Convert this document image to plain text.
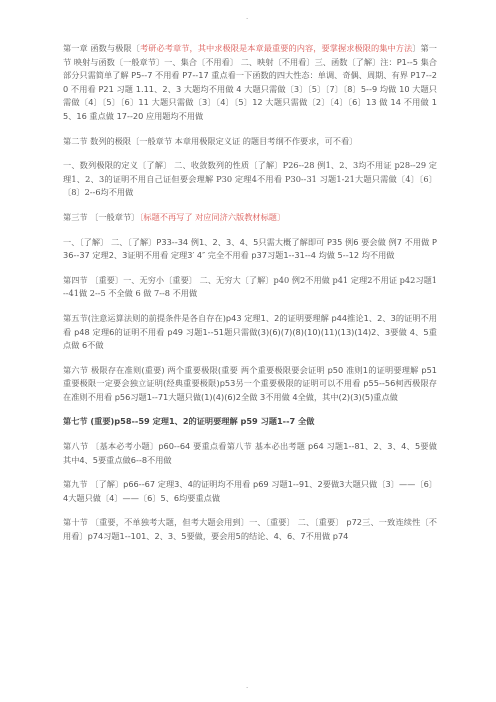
.

第一章 函数与极限〔考研必考章节，其中求极限是本章最重要的内容，要掌握求极限的集中方法〕第一节 映射与函数〔一般章节〕一、集合〔不用看〕 二、映射〔不用看〕三、函数〔了解〕注：P1--5 集合部分只需简单了解 P5--7 不用看 P7--17 重点看一下函数的四大性态：单调、奇偶、周期、有界 P17--20 不用看 P21 习题 1.11、2、3 大题均不用做 4 大题只需做〔3〕〔5〕〔7〕〔8〕5--9 均做 10 大题只需做〔4〕〔5〕〔6〕11 大题只需做〔3〕〔4〕〔5〕12 大题只需做〔2〕〔4〕〔6〕13 做 14 不用做 15、16 重点做 17--20 应用题均不用做

第二节 数列的极限〔一般章节 本章用极限定义证 的题目考纲不作要求，可不看〕

一、数列极限的定义〔了解〕 二、收敛数列的性质〔了解〕P26--28 例1、2、3均不用证 p28--29 定理1、2、3的证明不用自己证但要会理解 P30 定理4不用看 P30--31 习题1-21大题只需做〔4〕〔6〕〔8〕2--6均不用做

第三节 〔一般章节〕〔标题不再写了 对应同济六版教材标题〕

一、〔了解〕 二、〔了解〕P33--34 例1、2、3、4、5只需大概了解即可 P35 例6 要会做 例7 不用做 P36--37 定理2、3证明不用看 定理3′ 4″ 完全不用看 p37习题1--31--4 均做 5--12 均不用做

第四节 〔重要〕一、无穷小〔重要〕 二、无穷大〔了解〕p40 例2不用做 p41 定理2不用证 p42习题1--41做 2--5 不全做 6 做 7--8 不用做

第五节(注意运算法则的前提条件是各自存在)p43 定理1、2的证明要理解 p44推论1、2、3的证明不用看 p48 定理6的证明不用看 p49 习题1--51题只需做(3)(6)(7)(8)(10)(11)(13)(14)2、3要做 4、5重点做 6不做

第六节 极限存在准则(重要) 两个重要极限(重要 两个重要极限要会证明 p50 准则1的证明要理解 p51 重要极限一定要会独立证明(经典重要极限)p53另一个重要极限的证明可以不用看 p55--56柯西极限存在准则不用看 p56习题1--71大题只做(1)(4)(6)2全做 3不用做 4全做，其中(2)(3)(5)重点做

第七节 (重要)p58--59 定理1、2的证明要理解 p59 习题1--7 全做

第八节 〔基本必考小题〕p60--64 要重点看第八节 基本必出考题 p64 习题1--81、2、3、4、5要做 其中4、5要重点做6--8不用做

第九节 〔了解〕p66--67 定理3、4的证明均不用看 p69 习题1--91、2要做3大题只做〔3〕——〔6〕4大题只做〔4〕——〔6〕5、6均要重点做

第十节 〔重要，不单独考大题，但考大题会用到〕一、〔重要〕 二、〔重要〕 p72三、一致连续性〔不用看〕p74习题1--101、2、3、5要做，要会用5的结论、4、6、7不用做 p74

.
